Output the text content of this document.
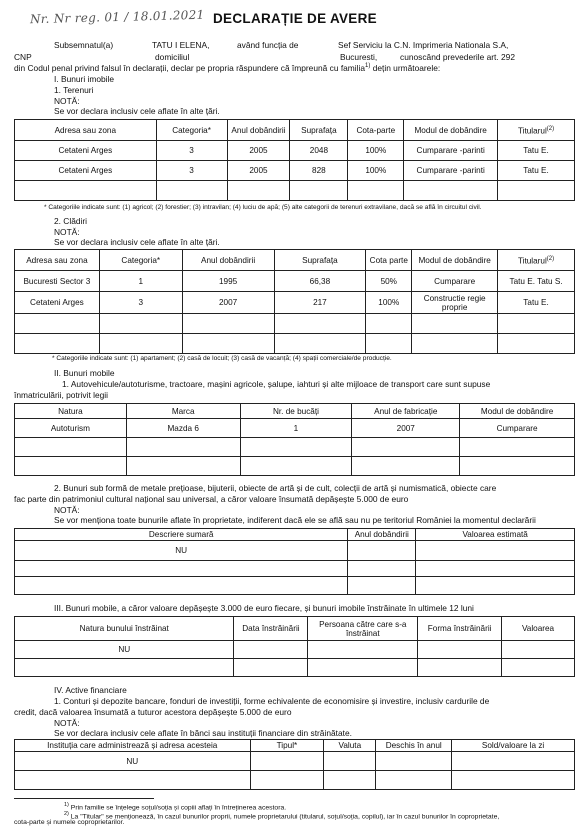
Nr. Nr reg. 01 / 18.01.2021 DECLARAȚIE DE AVERE
Subsemnatul(a)	TATU I ELENA,	având funcția de	Sef Serviciu la C.N. Imprimeria Nationala S.A,
CNP	domiciliul	Bucuresti,	cunoscând prevederile art. 292
din Codul penal privind falsul în declarații, declar pe propria răspundere că împreună cu familia$^{1)}$ dețin următoarele:
I. Bunuri imobile
1. Terenuri
NOTĂ:
Se vor declara inclusiv cele aflate în alte țări.
Adresa sau zona	Categoria*	Anul dobândirii	Suprafața	Cota-parte	Modul de dobândire	Titularul$^{(2)}$
Cetateni Arges	3	2005	2048	100%	Cumparare -parinti	Tatu E.
Cetateni Arges	3	2005	828	100%	Cumparare -parinti	Tatu E.

* Categoriile indicate sunt: (1) agricol; (2) forestier; (3) intravilan; (4) luciu de apă; (5) alte categorii de terenuri extravilane, dacă se află în circuitul civil.
2. Clădiri
NOTĂ:
Se vor declara inclusiv cele aflate în alte țări.
Adresa sau zona	Categoria*	Anul dobândirii	Suprafața	Cota parte	Modul de dobândire	Titularul$^{(2)}$
Bucuresti Sector 3	1	1995	66,38	50%	Cumparare	Tatu E. Tatu S.
Cetateni Arges	3	2007	217	100%	Constructie regie proprie	Tatu E.

* Categoriile indicate sunt: (1) apartament; (2) casă de locuit; (3) casă de vacanță; (4) spații comerciale/de producție.
II. Bunuri mobile
1. Autovehicule/autoturisme, tractoare, mașini agricole, șalupe, iahturi și alte mijloace de transport care sunt supuse
înmatriculării, potrivit legii
Natura	Marca	Nr. de bucăți	Anul de fabricație	Modul de dobândire
Autoturism	Mazda 6	1	2007	Cumparare

2. Bunuri sub formă de metale prețioase, bijuterii, obiecte de artă și de cult, colecții de artă și numismatică, obiecte care
fac parte din patrimoniul cultural național sau universal, a căror valoare însumată depășește 5.000 de euro
NOTĂ:
Se vor menționa toate bunurile aflate în proprietate, indiferent dacă ele se află sau nu pe teritoriul României la momentul declarării
Descriere sumară	Anul dobândirii	Valoarea estimată
NU		

III. Bunuri mobile, a căror valoare depășește 3.000 de euro fiecare, și bunuri imobile înstrăinate în ultimele 12 luni
Natura bunului înstrăinat	Data înstrăinării	Persoana către care s-a înstrăinat	Forma înstrăinării	Valoarea
NU				

IV. Active financiare
1. Conturi și depozite bancare, fonduri de investiții, forme echivalente de economisire și investire, inclusiv cardurile de
credit, dacă valoarea însumată a tuturor acestora depășește 5.000 de euro
NOTĂ:
Se vor declara inclusiv cele aflate în bănci sau instituții financiare din străinătate.
Instituția care administrează și adresa acesteia	Tipul*	Valuta	Deschis în anul	Sold/valoare la zi
NU				

$^{1)}$ Prin familie se înțelege soțul/soția și copiii aflați în întreținerea acestora.
$^{2)}$ La "Titular" se menționează, în cazul bunurilor proprii, numele proprietarului (titularul, soțul/soția, copilul), iar în cazul bunurilor în coproprietate,
cota-parte și numele coproprietarilor.
